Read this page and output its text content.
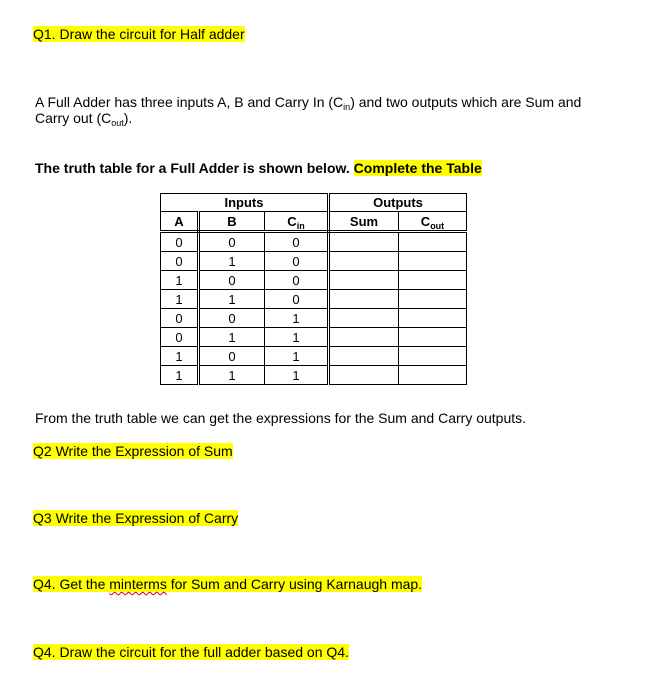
Q1. Draw the circuit for Half adder
A Full Adder has three inputs A, B and Carry In $(C_{in})$ and two outputs which are Sum and Carry out $(C_{out})$.
The truth table for a Full Adder is shown below. Complete the Table
Inputs			Outputs	
A	B	$C_{in}$	Sum	$C_{out}$
0	0	0		
0	1	0		
1	0	0		
1	1	0		
0	0	1		
0	1	1		
1	0	1		
1	1	1		
From the truth table we can get the expressions for the Sum and Carry outputs.
Q2 Write the Expression of Sum
Q3 Write the Expression of Carry
Q4. Get the minterms for Sum and Carry using Karnaugh map.
Q4. Draw the circuit for the full adder based on Q4.
